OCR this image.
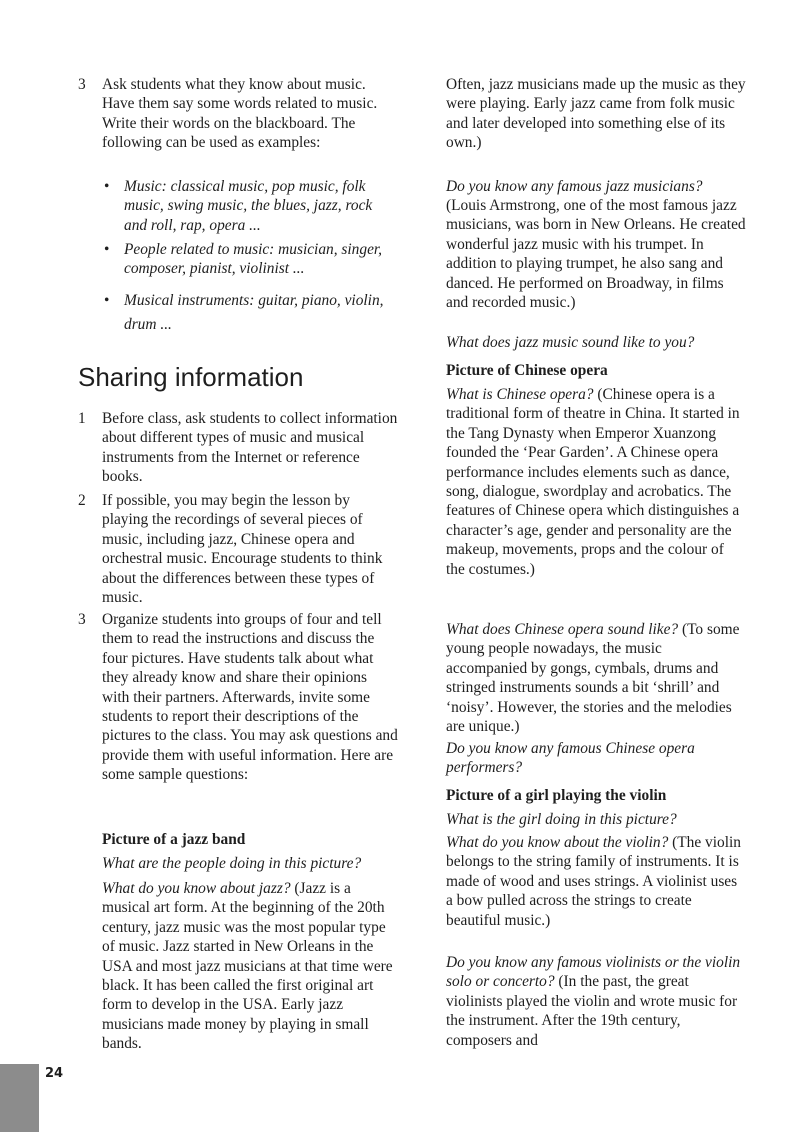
3	Ask students what they know about music. Have them say some words related to music. Write their words on the blackboard. The following can be used as examples:

• Music: classical music, pop music, folk music, swing music, the blues, jazz, rock and roll, rap, opera ...

• People related to music: musician, singer, composer, pianist, violinist ...

• Musical instruments: guitar, piano, violin, drum ...

Sharing information
1	Before class, ask students to collect information about different types of music and musical instruments from the Internet or reference books.

2	If possible, you may begin the lesson by playing the recordings of several pieces of music, including jazz, Chinese opera and orchestral music. Encourage students to think about the differences between these types of music.

3	Organize students into groups of four and tell them to read the instructions and discuss the four pictures. Have students talk about what they already know and share their opinions with their partners. Afterwards, invite some students to report their descriptions of the pictures to the class. You may ask questions and provide them with useful information. Here are some sample questions:

Picture of a jazz band

What are the people doing in this picture?

What do you know about jazz? (Jazz is a musical art form. At the beginning of the 20th century, jazz music was the most popular type of music. Jazz started in New Orleans in the USA and most jazz musicians at that time were black. It has been called the first original art form to develop in the USA. Early jazz musicians made money by playing in small bands.

Often, jazz musicians made up the music as they were playing. Early jazz came from folk music and later developed into something else of its own.)

Do you know any famous jazz musicians?

(Louis Armstrong, one of the most famous jazz musicians, was born in New Orleans. He created wonderful jazz music with his trumpet. In addition to playing trumpet, he also sang and danced. He performed on Broadway, in films and recorded music.)

What does jazz music sound like to you?

Picture of Chinese opera

What is Chinese opera? (Chinese opera is a traditional form of theatre in China. It started in the Tang Dynasty when Emperor Xuanzong founded the ‘Pear Garden’. A Chinese opera performance includes elements such as dance, song, dialogue, swordplay and acrobatics. The features of Chinese opera which distinguishes a character’s age, gender and personality are the makeup, movements, props and the colour of the costumes.)

What does Chinese opera sound like? (To some young people nowadays, the music accompanied by gongs, cymbals, drums and stringed instruments sounds a bit ‘shrill’ and ‘noisy’. However, the stories and the melodies are unique.)

Do you know any famous Chinese opera performers?

Picture of a girl playing the violin

What is the girl doing in this picture?

What do you know about the violin? (The violin belongs to the string family of instruments. It is made of wood and uses strings. A violinist uses a bow pulled across the strings to create beautiful music.)

Do you know any famous violinists or the violin solo or concerto? (In the past, the great violinists played the violin and wrote music for the instrument. After the 19th century, composers and

24
